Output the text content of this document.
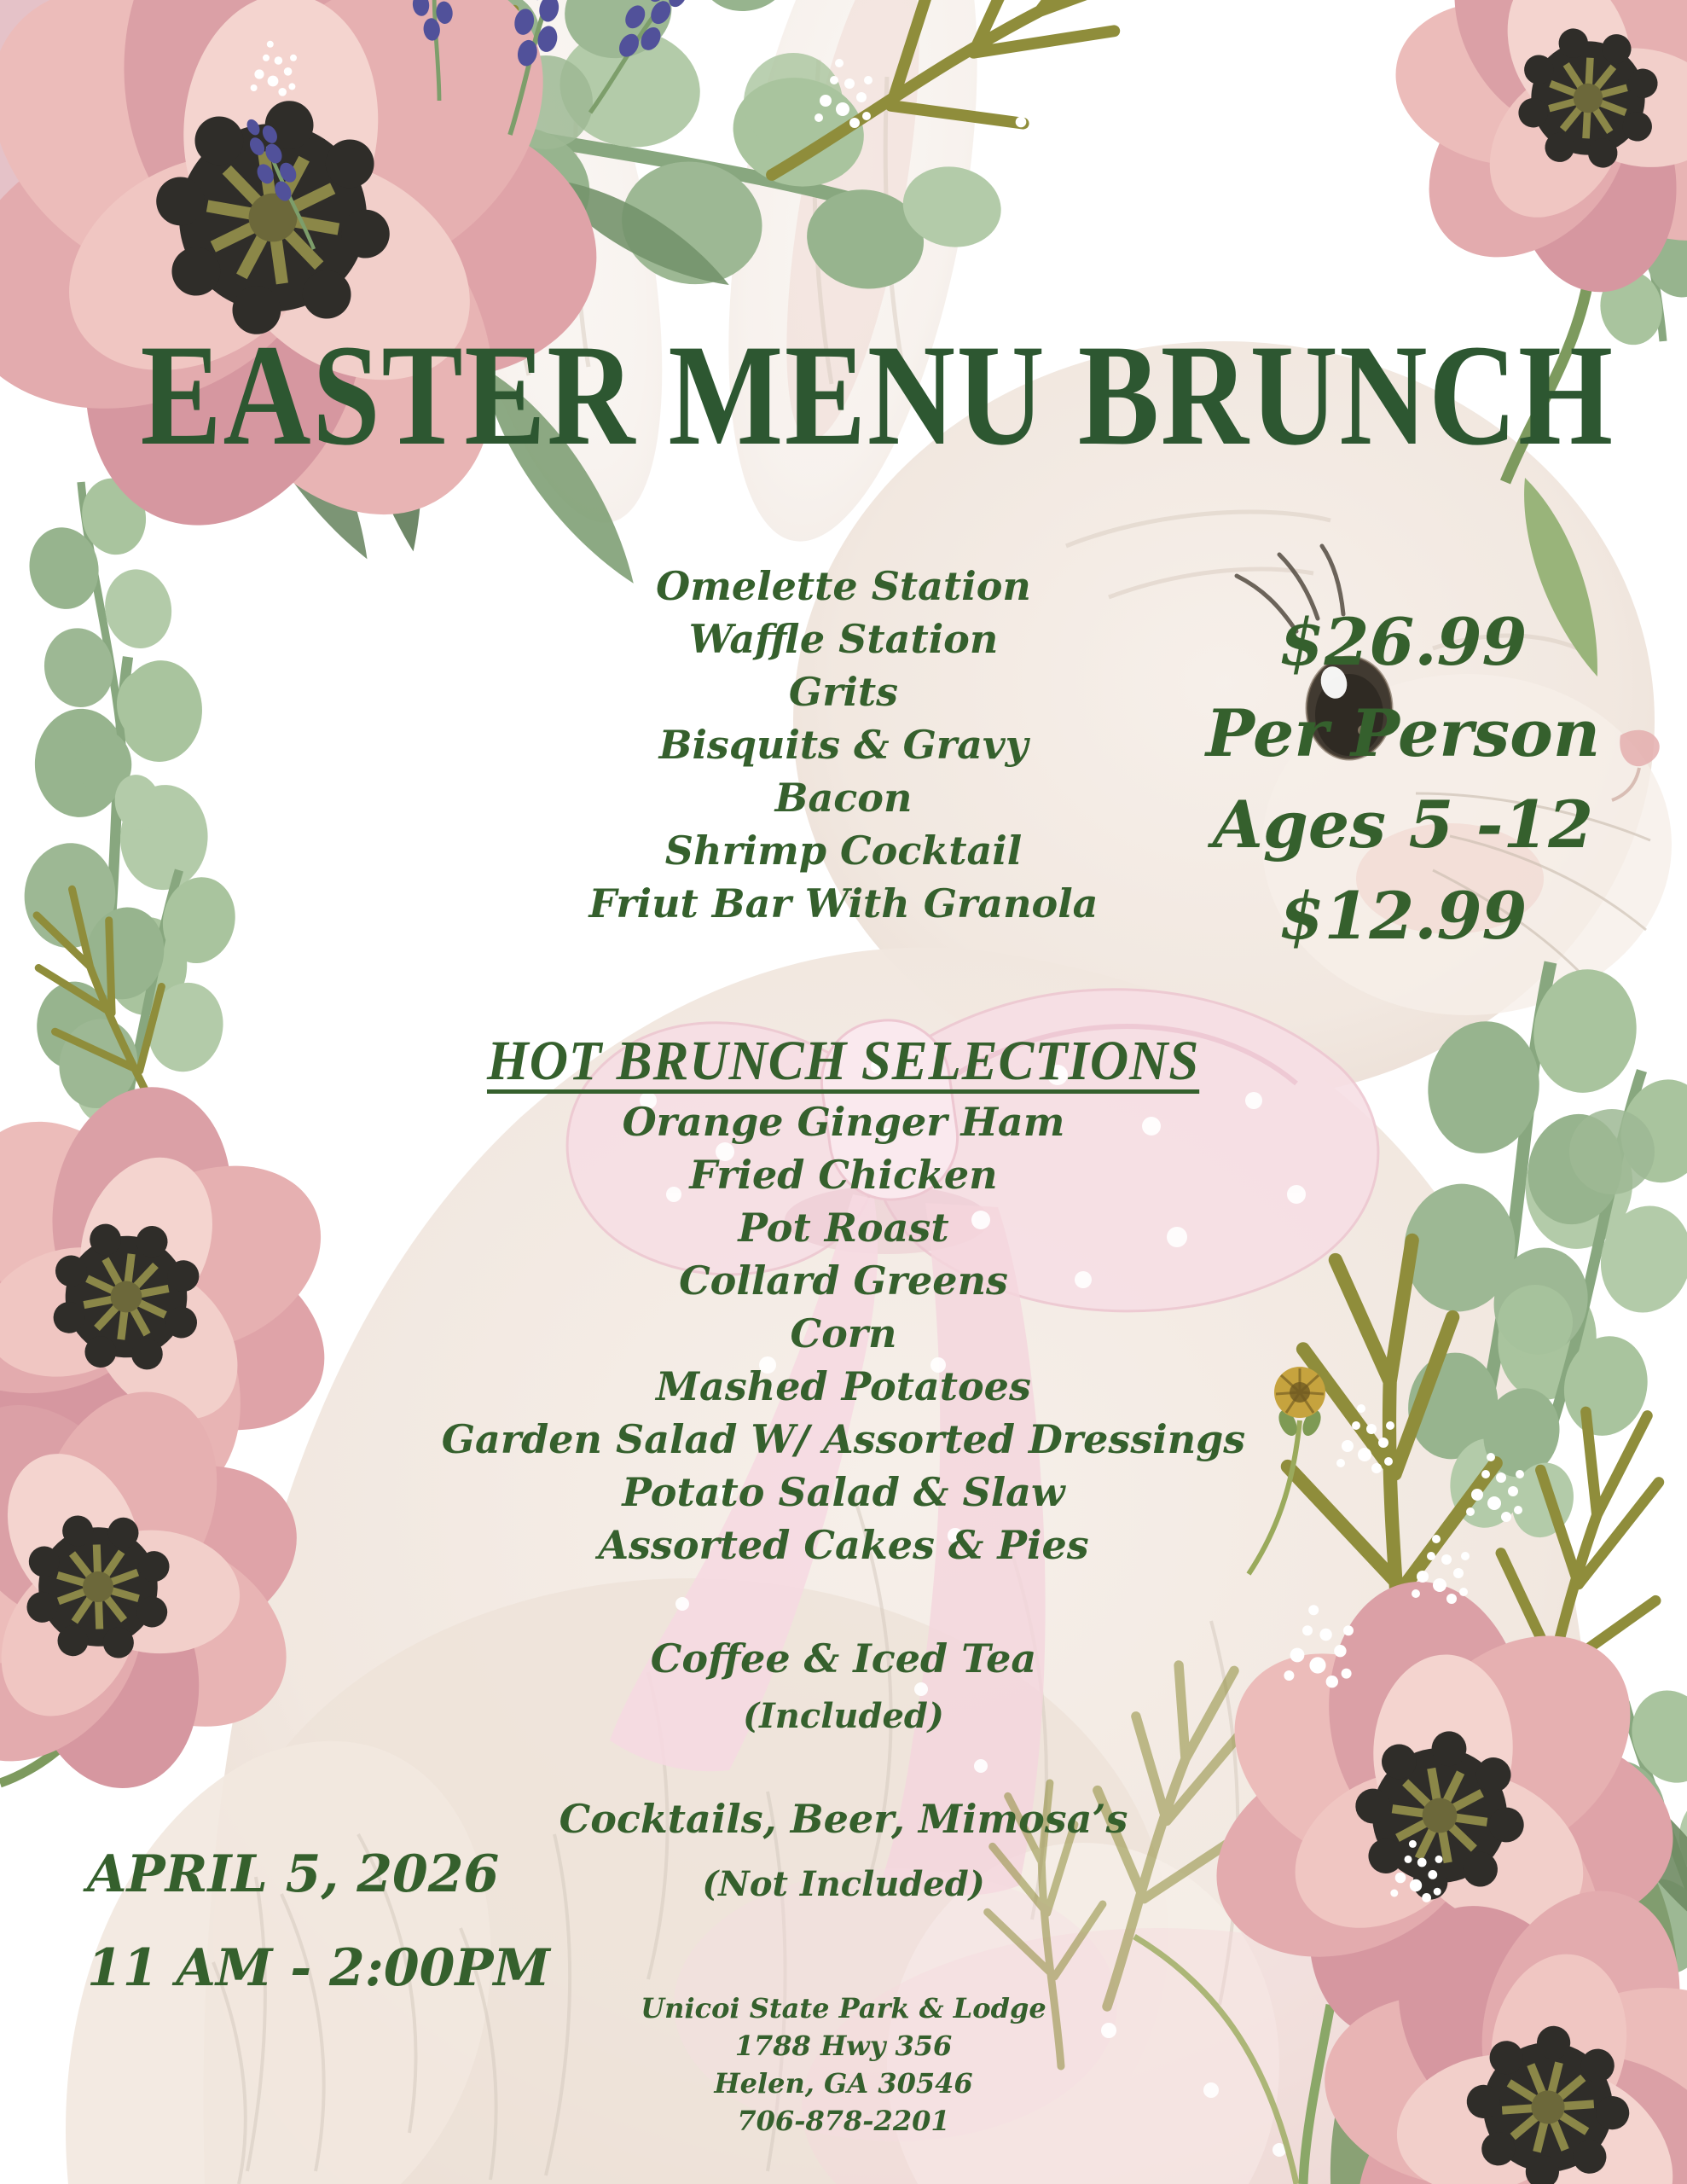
EASTER MENU BRUNCH
Omelette Station
Waffle Station
Grits
Bisquits & Gravy
Bacon
Shrimp Cocktail
Friut Bar With Granola
$26.99
Per Person
Ages 5 -12
$12.99
HOT BRUNCH SELECTIONS
Orange Ginger Ham
Fried Chicken
Pot Roast
Collard Greens
Corn
Mashed Potatoes
Garden Salad W/ Assorted Dressings
Potato Salad & Slaw
Assorted Cakes & Pies
Coffee & Iced Tea
(Included)
Cocktails, Beer, Mimosa’s
(Not Included)
APRIL 5, 2026
11 AM - 2:00PM
Unicoi State Park & Lodge
1788 Hwy 356
Helen, GA 30546
706-878-2201
